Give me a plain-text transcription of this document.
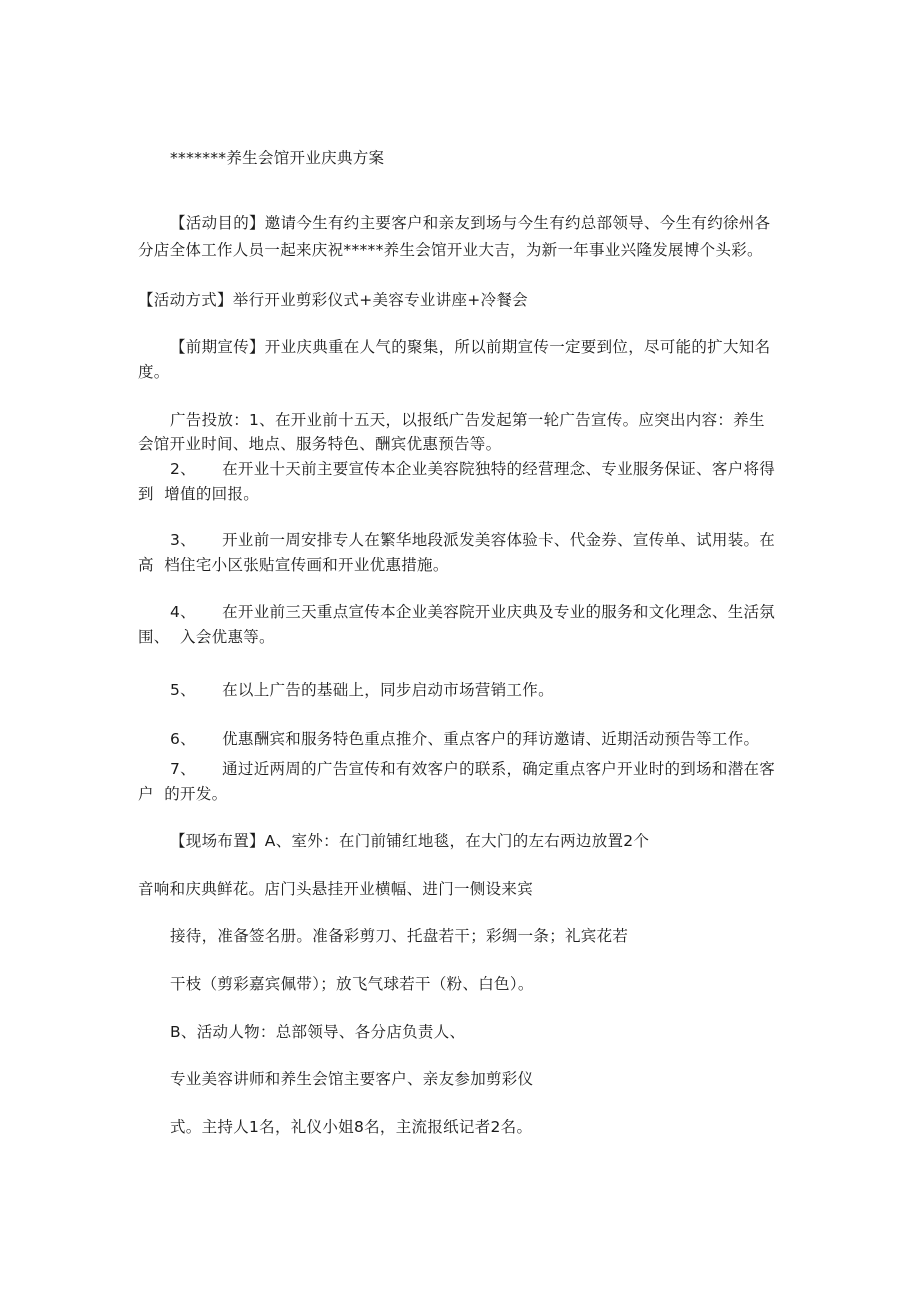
*******养生会馆开业庆典方案
【活动目的】邀请今生有约主要客户和亲友到场与今生有约总部领导、今生有约徐州各
分店全体工作人员一起来庆祝*****养生会馆开业大吉，为新一年事业兴隆发展博个头彩。
【活动方式】举行开业剪彩仪式+美容专业讲座+冷餐会
【前期宣传】开业庆典重在人气的聚集，所以前期宣传一定要到位，尽可能的扩大知名
度。
广告投放：1、在开业前十五天，以报纸广告发起第一轮广告宣传。应突出内容：养生
会馆开业时间、地点、服务特色、酬宾优惠预告等。
2、     在开业十天前主要宣传本企业美容院独特的经营理念、专业服务保证、客户将得
到  增值的回报。
3、     开业前一周安排专人在繁华地段派发美容体验卡、代金券、宣传单、试用装。在
高  档住宅小区张贴宣传画和开业优惠措施。
4、     在开业前三天重点宣传本企业美容院开业庆典及专业的服务和文化理念、生活氛
围、  入会优惠等。
5、     在以上广告的基础上，同步启动市场营销工作。
6、     优惠酬宾和服务特色重点推介、重点客户的拜访邀请、近期活动预告等工作。
7、     通过近两周的广告宣传和有效客户的联系，确定重点客户开业时的到场和潜在客
户  的开发。
【现场布置】A、室外：在门前铺红地毯，在大门的左右两边放置2个
音响和庆典鲜花。店门头悬挂开业横幅、进门一侧设来宾
接待，准备签名册。准备彩剪刀、托盘若干；彩绸一条；礼宾花若
干枝（剪彩嘉宾佩带）；放飞气球若干（粉、白色）。
B、活动人物：总部领导、各分店负责人、
专业美容讲师和养生会馆主要客户、亲友参加剪彩仪
式。主持人1名，礼仪小姐8名，主流报纸记者2名。
